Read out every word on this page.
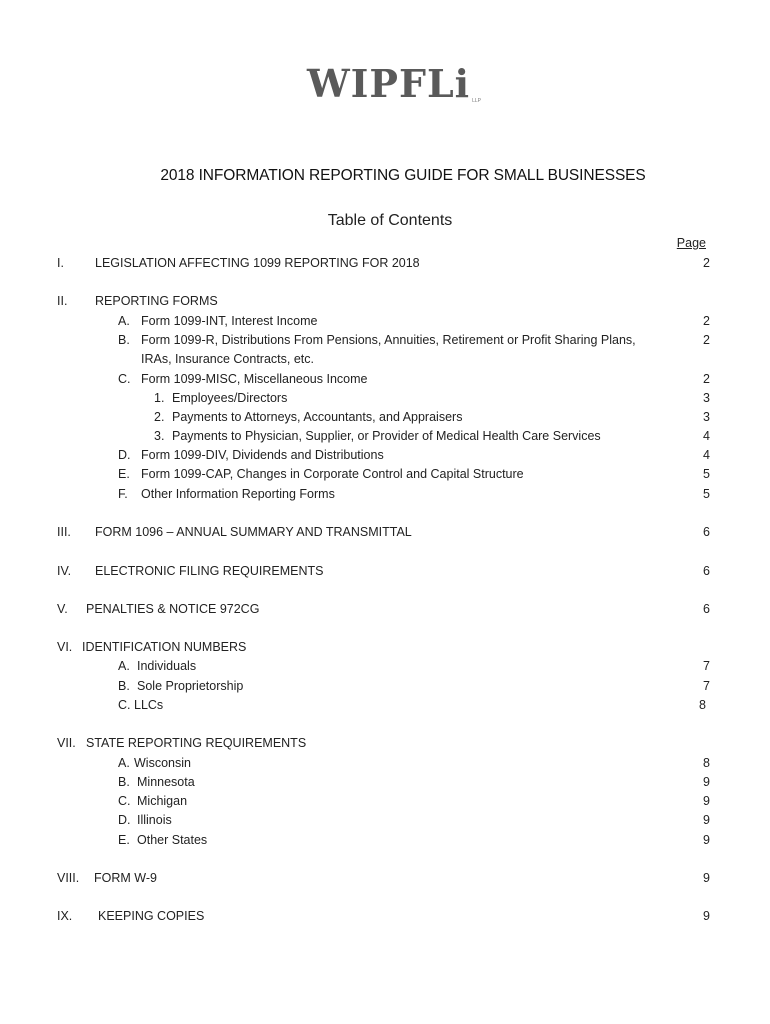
WIPFLi LLP
2018 INFORMATION REPORTING GUIDE FOR SMALL BUSINESSES
Table of Contents
Page
I. LEGISLATION AFFECTING 1099 REPORTING FOR 2018	2
II. REPORTING FORMS
A. Form 1099-INT, Interest Income	2
B. Form 1099-R, Distributions From Pensions, Annuities, Retirement or Profit Sharing Plans,	2
IRAs, Insurance Contracts, etc.
C. Form 1099-MISC, Miscellaneous Income	2
1. Employees/Directors	3
2. Payments to Attorneys, Accountants, and Appraisers	3
3. Payments to Physician, Supplier, or Provider of Medical Health Care Services	4
D. Form 1099-DIV, Dividends and Distributions	4
E. Form 1099-CAP, Changes in Corporate Control and Capital Structure	5
F. Other Information Reporting Forms	5
III. FORM 1096 – ANNUAL SUMMARY AND TRANSMITTAL	6
IV. ELECTRONIC FILING REQUIREMENTS	6
V. PENALTIES & NOTICE 972CG	6
VI. IDENTIFICATION NUMBERS
A. Individuals	7
B. Sole Proprietorship	7
C. LLCs	8
VII. STATE REPORTING REQUIREMENTS
A. Wisconsin	8
B. Minnesota	9
C. Michigan	9
D. Illinois	9
E. Other States	9
VIII. FORM W-9	9
IX. KEEPING COPIES	9
